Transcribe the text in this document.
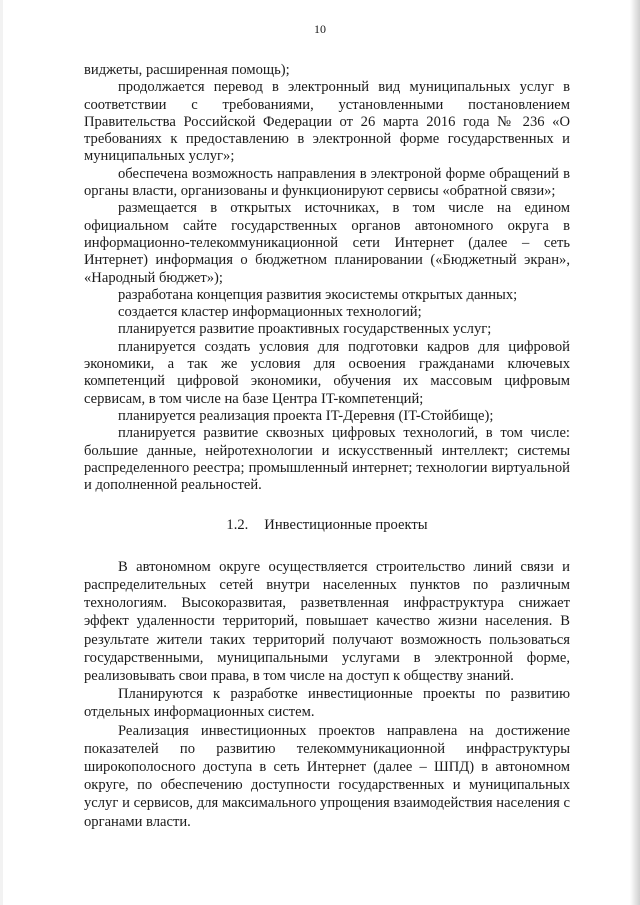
10

виджеты, расширенная помощь);

продолжается перевод в электронный вид муниципальных услуг в соответствии с требованиями, установленными постановлением Правительства Российской Федерации от 26 марта 2016 года № 236 «О требованиях к предоставлению в электронной форме государственных и муниципальных услуг»;

обеспечена возможность направления в электроной форме обращений в органы власти, организованы и функционируют сервисы «обратной связи»;

размещается в открытых источниках, в том числе на едином официальном сайте государственных органов автономного округа в информационно-телекоммуникационной сети Интернет (далее – сеть Интернет) информация о бюджетном планировании («Бюджетный экран», «Народный бюджет»);

разработана концепция развития экосистемы открытых данных;

создается кластер информационных технологий;

планируется развитие проактивных государственных услуг;

планируется создать условия для подготовки кадров для цифровой экономики, а так же условия для освоения гражданами ключевых компетенций цифровой экономики, обучения их массовым цифровым сервисам, в том числе на базе Центра IT-компетенций;

планируется реализация проекта IT-Деревня (IT-Стойбище);

планируется развитие сквозных цифровых технологий, в том числе: большие данные, нейротехнологии и искусственный интеллект; системы распределенного реестра; промышленный интернет; технологии виртуальной и дополненной реальностей.

1.2. Инвестиционные проекты

В автономном округе осуществляется строительство линий связи и распределительных сетей внутри населенных пунктов по различным технологиям. Высокоразвитая, разветвленная инфраструктура снижает эффект удаленности территорий, повышает качество жизни населения. В результате жители таких территорий получают возможность пользоваться государственными, муниципальными услугами в электронной форме, реализовывать свои права, в том числе на доступ к обществу знаний.

Планируются к разработке инвестиционные проекты по развитию отдельных информационных систем.

Реализация инвестиционных проектов направлена на достижение показателей по развитию телекоммуникационной инфраструктуры широкополосного доступа в сеть Интернет (далее – ШПД) в автономном округе, по обеспечению доступности государственных и муниципальных услуг и сервисов, для максимального упрощения взаимодействия населения с органами власти.
